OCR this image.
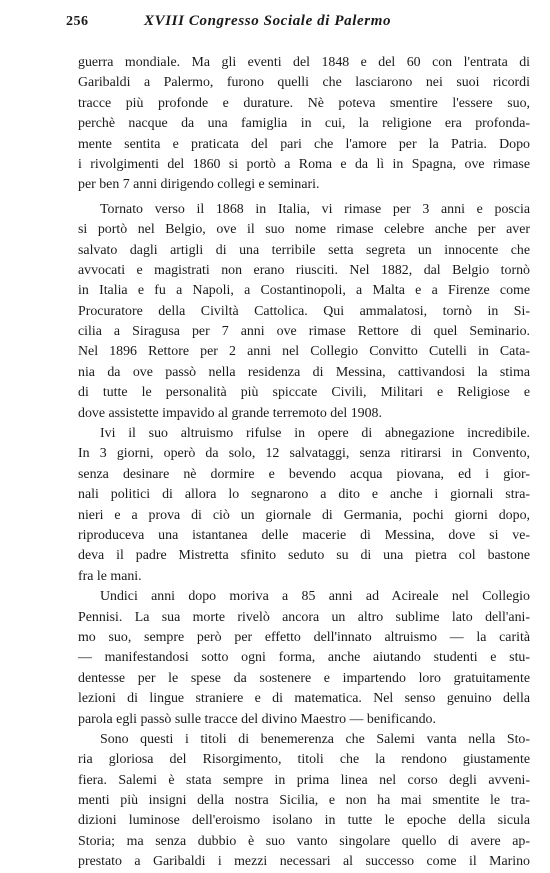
256	XVIII Congresso Sociale di Palermo
guerra mondiale. Ma gli eventi del 1848 e del 60 con l'entrata di
Garibaldi a Palermo, furono quelli che lasciarono nei suoi ricordi
tracce più profonde e durature. Nè poteva smentire l'essere suo,
perchè nacque da una famiglia in cui, la religione era profonda-
mente sentita e praticata del pari che l'amore per la Patria. Dopo
i rivolgimenti del 1860 si portò a Roma e da lì in Spagna, ove rimase
per ben 7 anni dirigendo collegi e seminari.
Tornato verso il 1868 in Italia, vi rimase per 3 anni e poscia
si portò nel Belgio, ove il suo nome rimase celebre anche per aver
salvato dagli artigli di una terribile setta segreta un innocente che
avvocati e magistrati non erano riusciti. Nel 1882, dal Belgio tornò
in Italia e fu a Napoli, a Costantinopoli, a Malta e a Firenze come
Procuratore della Civiltà Cattolica. Qui ammalatosi, tornò in Si-
cilia a Siragusa per 7 anni ove rimase Rettore di quel Seminario.
Nel 1896 Rettore per 2 anni nel Collegio Convitto Cutelli in Cata-
nia da ove passò nella residenza di Messina, cattivandosi la stima
di tutte le personalità più spiccate Civili, Militari e Religiose e
dove assistette impavido al grande terremoto del 1908.
Ivi il suo altruismo rifulse in opere di abnegazione incredibile.
In 3 giorni, operò da solo, 12 salvataggi, senza ritirarsi in Convento,
senza desinare nè dormire e bevendo acqua piovana, ed i gior-
nali politici di allora lo segnarono a dito e anche i giornali stra-
nieri e a prova di ciò un giornale di Germania, pochi giorni dopo,
riproduceva una istantanea delle macerie di Messina, dove si ve-
deva il padre Mistretta sfinito seduto su di una pietra col bastone
fra le mani.
Undici anni dopo moriva a 85 anni ad Acireale nel Collegio
Pennisi. La sua morte rivelò ancora un altro sublime lato dell'ani-
mo suo, sempre però per effetto dell'innato altruismo — la carità
— manifestandosi sotto ogni forma, anche aiutando studenti e stu-
dentesse per le spese da sostenere e impartendo loro gratuitamente
lezioni di lingue straniere e di matematica. Nel senso genuino della
parola egli passò sulle tracce del divino Maestro — benificando.
Sono questi i titoli di benemerenza che Salemi vanta nella Sto-
ria gloriosa del Risorgimento, titoli che la rendono giustamente
fiera. Salemi è stata sempre in prima linea nel corso degli avveni-
menti più insigni della nostra Sicilia, e non ha mai smentite le tra-
dizioni luminose dell'eroismo isolano in tutte le epoche della sicula
Storia; ma senza dubbio è suo vanto singolare quello di avere ap-
prestato a Garibaldi i mezzi necessari al successo come il Marino
